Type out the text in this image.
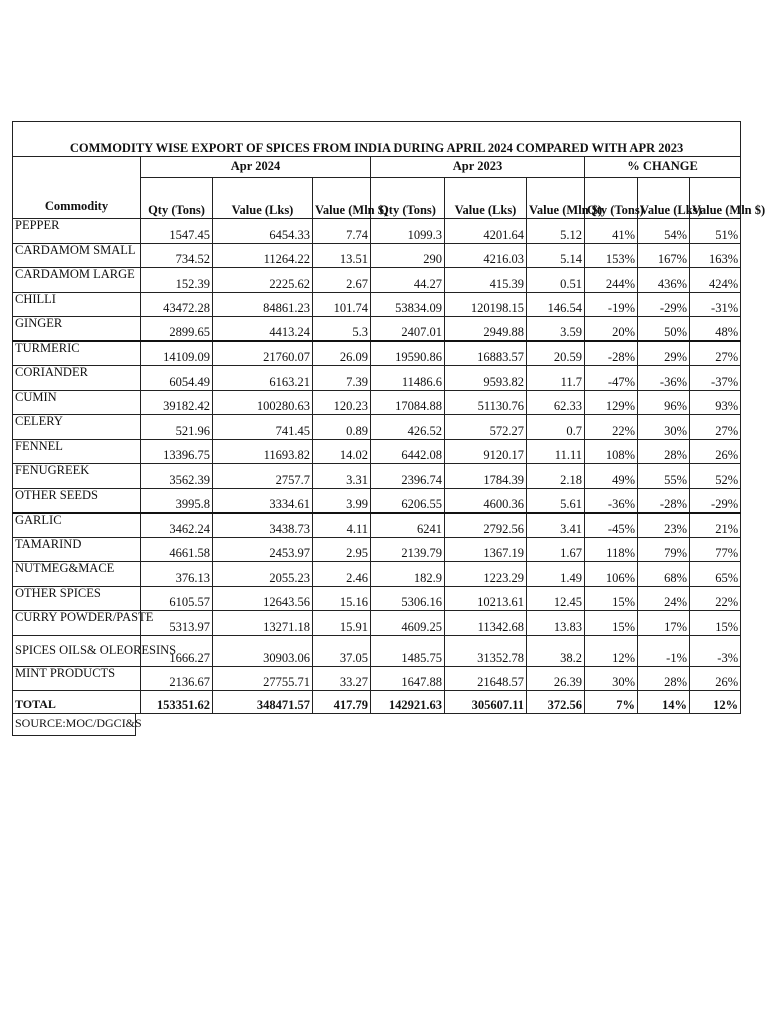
COMMODITY WISE EXPORT OF SPICES FROM INDIA DURING APRIL 2024 COMPARED WITH APR 2023									
Commodity	Apr 2024			Apr 2023			% CHANGE		
	Qty (Tons)	Value (Lks)	Value (Mln $)	Qty (Tons)	Value (Lks)	Value (Mln $)	Qty (Tons)	Value (Lks)	Value (Mln $)
PEPPER	1547.45	6454.33	7.74	1099.3	4201.64	5.12	41%	54%	51%
CARDAMOM SMALL	734.52	11264.22	13.51	290	4216.03	5.14	153%	167%	163%
CARDAMOM LARGE	152.39	2225.62	2.67	44.27	415.39	0.51	244%	436%	424%
CHILLI	43472.28	84861.23	101.74	53834.09	120198.15	146.54	-19%	-29%	-31%
GINGER	2899.65	4413.24	5.3	2407.01	2949.88	3.59	20%	50%	48%
TURMERIC	14109.09	21760.07	26.09	19590.86	16883.57	20.59	-28%	29%	27%
CORIANDER	6054.49	6163.21	7.39	11486.6	9593.82	11.7	-47%	-36%	-37%
CUMIN	39182.42	100280.63	120.23	17084.88	51130.76	62.33	129%	96%	93%
CELERY	521.96	741.45	0.89	426.52	572.27	0.7	22%	30%	27%
FENNEL	13396.75	11693.82	14.02	6442.08	9120.17	11.11	108%	28%	26%
FENUGREEK	3562.39	2757.7	3.31	2396.74	1784.39	2.18	49%	55%	52%
OTHER SEEDS	3995.8	3334.61	3.99	6206.55	4600.36	5.61	-36%	-28%	-29%
GARLIC	3462.24	3438.73	4.11	6241	2792.56	3.41	-45%	23%	21%
TAMARIND	4661.58	2453.97	2.95	2139.79	1367.19	1.67	118%	79%	77%
NUTMEG&MACE	376.13	2055.23	2.46	182.9	1223.29	1.49	106%	68%	65%
OTHER SPICES	6105.57	12643.56	15.16	5306.16	10213.61	12.45	15%	24%	22%
CURRY POWDER/PASTE	5313.97	13271.18	15.91	4609.25	11342.68	13.83	15%	17%	15%
SPICES OILS& OLEORESINS	1666.27	30903.06	37.05	1485.75	31352.78	38.2	12%	-1%	-3%
MINT PRODUCTS	2136.67	27755.71	33.27	1647.88	21648.57	26.39	30%	28%	26%
TOTAL	153351.62	348471.57	417.79	142921.63	305607.11	372.56	7%	14%	12%
SOURCE:MOC/DGCI&S
